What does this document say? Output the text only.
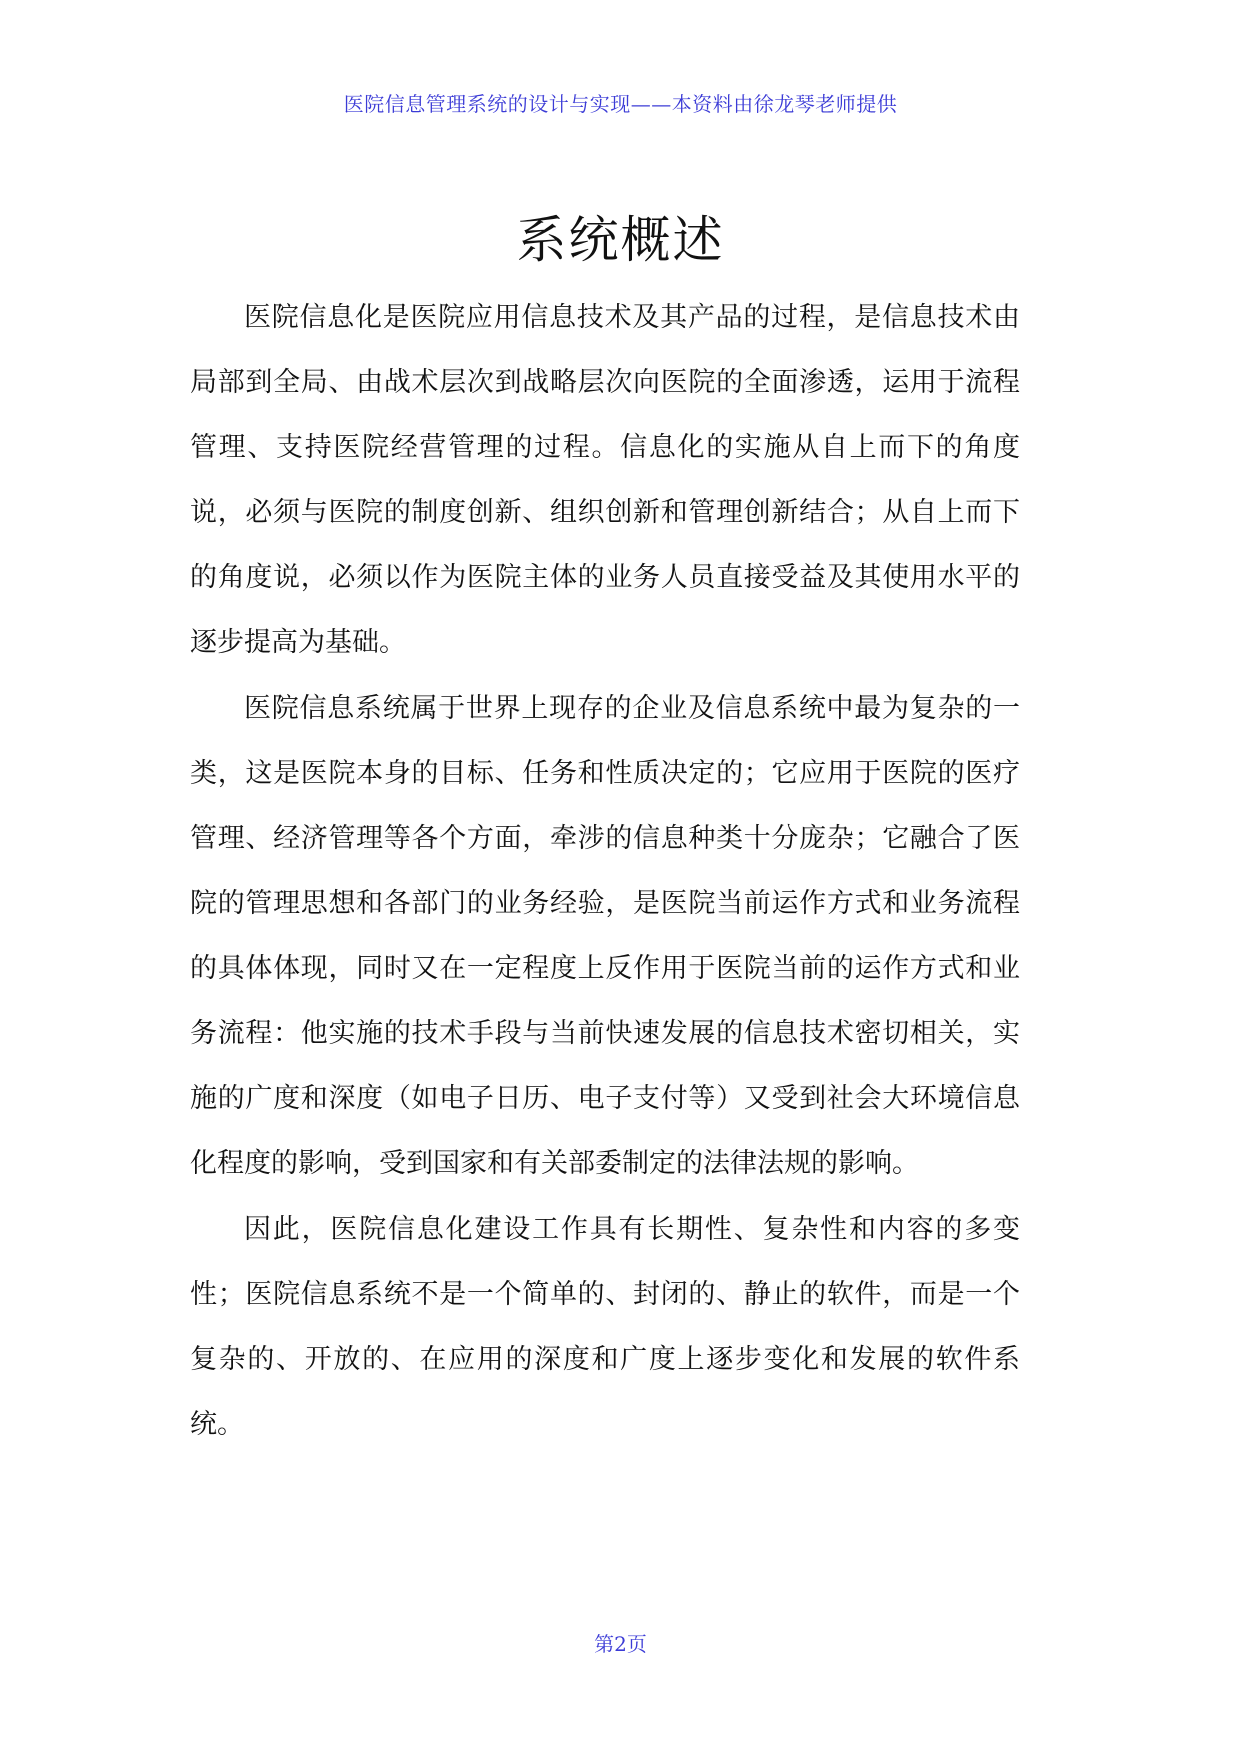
医院信息管理系统的设计与实现——本资料由徐龙琴老师提供
系统概述

医院信息化是医院应用信息技术及其产品的过程，是信息技术由局部到全局、由战术层次到战略层次向医院的全面渗透，运用于流程管理、支持医院经营管理的过程。信息化的实施从自上而下的角度说，必须与医院的制度创新、组织创新和管理创新结合；从自上而下的角度说，必须以作为医院主体的业务人员直接受益及其使用水平的逐步提高为基础。

医院信息系统属于世界上现存的企业及信息系统中最为复杂的一类，这是医院本身的目标、任务和性质决定的；它应用于医院的医疗管理、经济管理等各个方面，牵涉的信息种类十分庞杂；它融合了医院的管理思想和各部门的业务经验，是医院当前运作方式和业务流程的具体体现，同时又在一定程度上反作用于医院当前的运作方式和业务流程：他实施的技术手段与当前快速发展的信息技术密切相关，实施的广度和深度（如电子日历、电子支付等）又受到社会大环境信息化程度的影响，受到国家和有关部委制定的法律法规的影响。

因此，医院信息化建设工作具有长期性、复杂性和内容的多变性；医院信息系统不是一个简单的、封闭的、静止的软件，而是一个复杂的、开放的、在应用的深度和广度上逐步变化和发展的软件系统。

第2页
